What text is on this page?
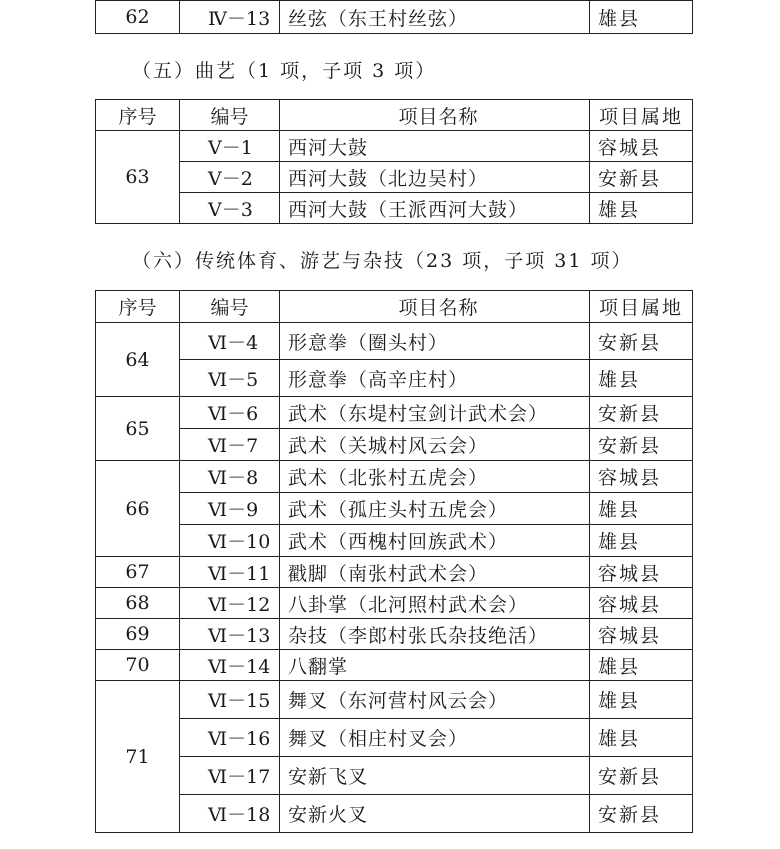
62	Ⅳ－13	丝弦（东王村丝弦）	雄县
（五）曲艺（1 项，子项 3 项）
序号	编号	项目名称	项目属地
63	Ⅴ－1	西河大鼓	容城县
	Ⅴ－2	西河大鼓（北边吴村）	安新县
	Ⅴ－3	西河大鼓（王派西河大鼓）	雄县
（六）传统体育、游艺与杂技（23 项，子项 31 项）
序号	编号	项目名称	项目属地
64	Ⅵ－4	形意拳（圈头村）	安新县
	Ⅵ－5	形意拳（高辛庄村）	雄县
65	Ⅵ－6	武术（东堤村宝剑计武术会）	安新县
	Ⅵ－7	武术（关城村风云会）	安新县
66	Ⅵ－8	武术（北张村五虎会）	容城县
	Ⅵ－9	武术（孤庄头村五虎会）	雄县
	Ⅵ－10	武术（西槐村回族武术）	雄县
67	Ⅵ－11	戳脚（南张村武术会）	容城县
68	Ⅵ－12	八卦掌（北河照村武术会）	容城县
69	Ⅵ－13	杂技（李郎村张氏杂技绝活）	容城县
70	Ⅵ－14	八翻掌	雄县
71	Ⅵ－15	舞叉（东河营村风云会）	雄县
	Ⅵ－16	舞叉（相庄村叉会）	雄县
	Ⅵ－17	安新飞叉	安新县
	Ⅵ－18	安新火叉	安新县
